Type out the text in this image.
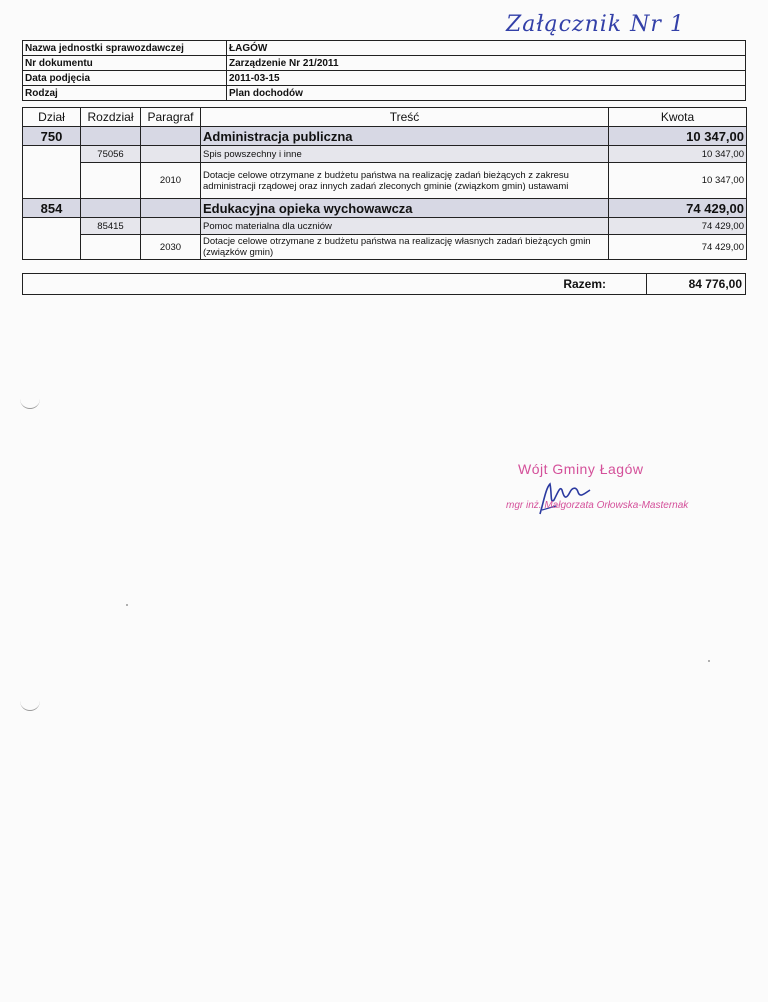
Załącznik Nr 1
Nazwa jednostki sprawozdawczej	ŁAGÓW
Nr dokumentu	Zarządzenie Nr 21/2011
Data podjęcia	2011-03-15
Rodzaj	Plan dochodów
Dział	Rozdział	Paragraf	Treść	Kwota
750			Administracja publiczna	10 347,00
	75056		Spis powszechny i inne	10 347,00
		2010	Dotacje celowe otrzymane z budżetu państwa na realizację zadań bieżących z zakresu administracji rządowej oraz innych zadań zleconych gminie (związkom gmin) ustawami	10 347,00
854			Edukacyjna opieka wychowawcza	74 429,00
	85415		Pomoc materialna dla uczniów	74 429,00
		2030	Dotacje celowe otrzymane z budżetu państwa na realizację własnych zadań bieżących gmin (związków gmin)	74 429,00
Razem:	84 776,00
Wójt Gminy Łagów
mgr inż. Małgorzata Orłowska-Masternak
